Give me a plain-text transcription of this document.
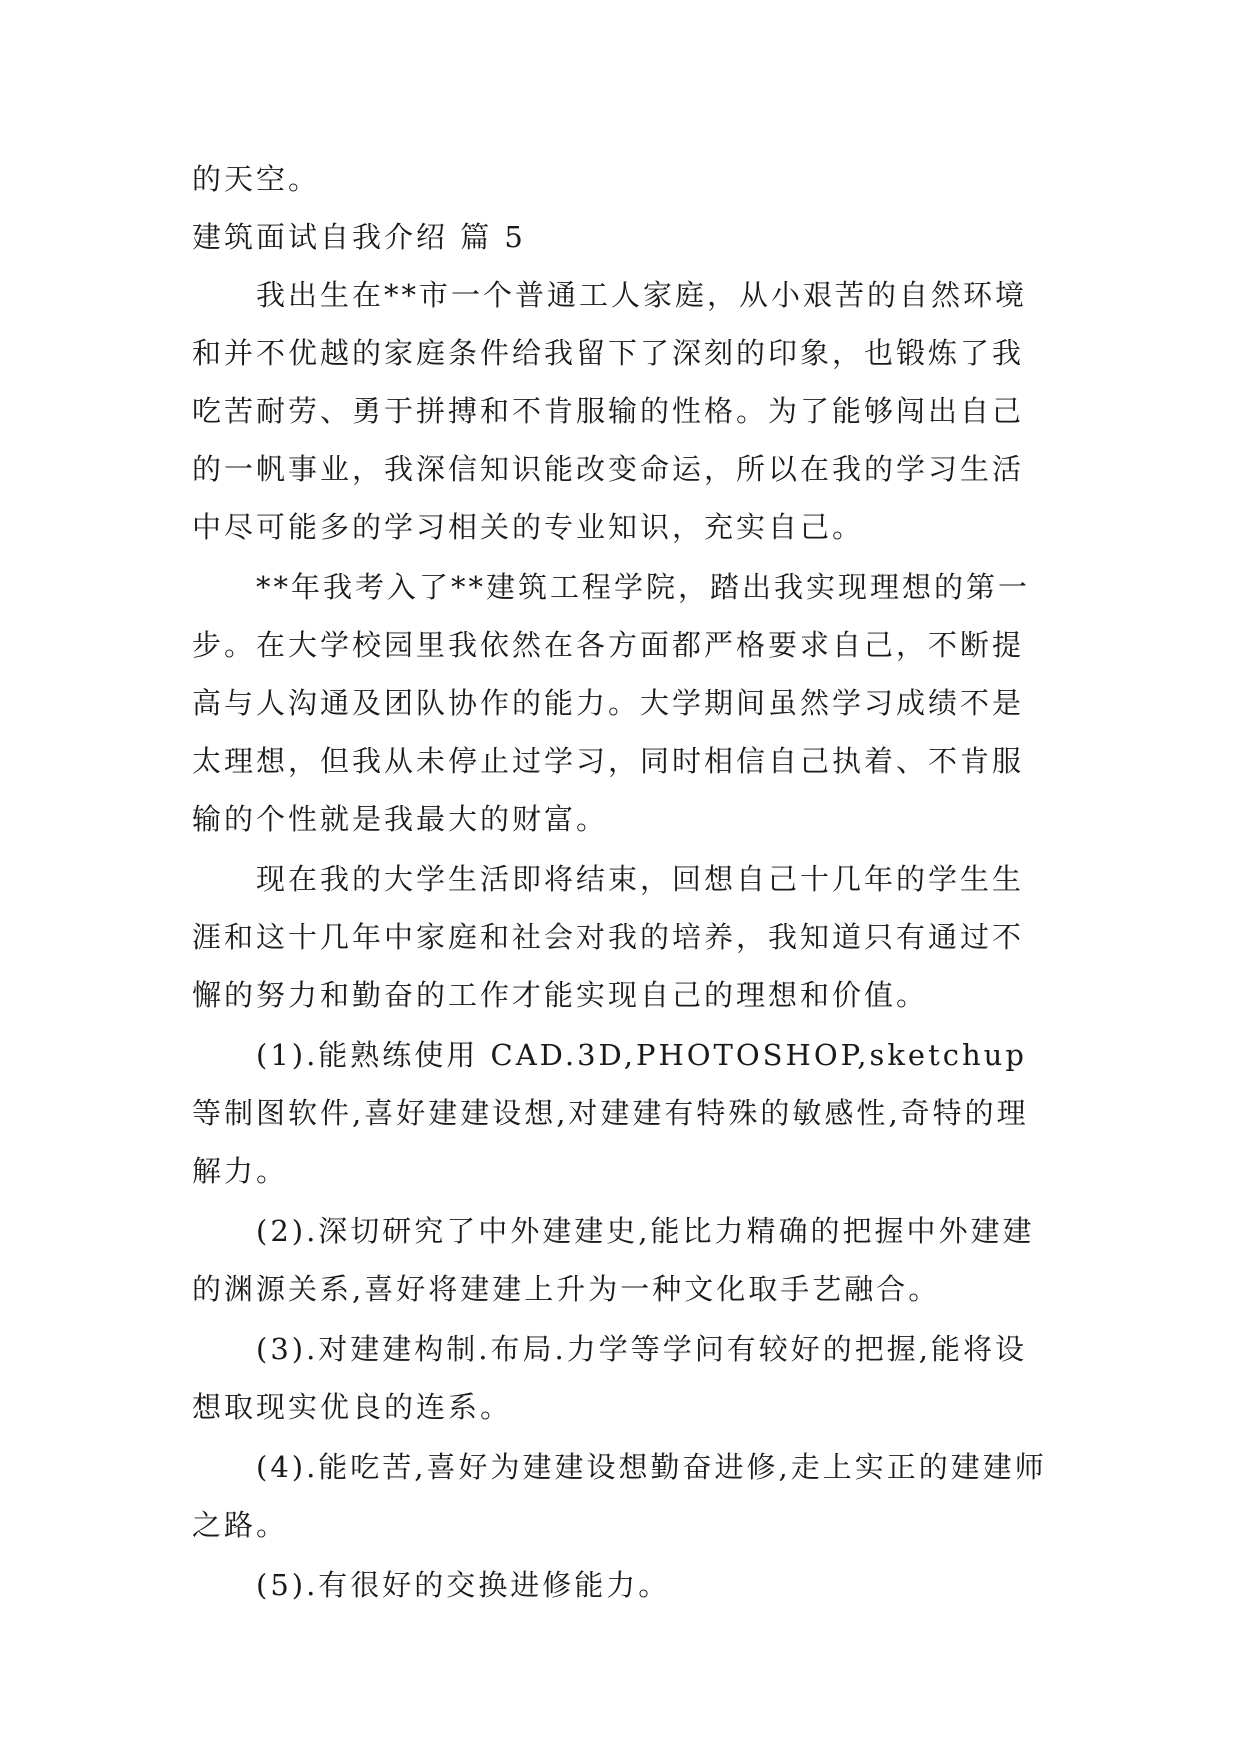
的天空。
建筑面试自我介绍 篇 5

我出生在**市一个普通工人家庭，从小艰苦的自然环境和并不优越的家庭条件给我留下了深刻的印象，也锻炼了我吃苦耐劳、勇于拼搏和不肯服输的性格。为了能够闯出自己的一帆事业，我深信知识能改变命运，所以在我的学习生活中尽可能多的学习相关的专业知识，充实自己。

**年我考入了**建筑工程学院，踏出我实现理想的第一步。在大学校园里我依然在各方面都严格要求自己，不断提高与人沟通及团队协作的能力。大学期间虽然学习成绩不是太理想，但我从未停止过学习，同时相信自己执着、不肯服输的个性就是我最大的财富。

现在我的大学生活即将结束，回想自己十几年的学生生涯和这十几年中家庭和社会对我的培养，我知道只有通过不懈的努力和勤奋的工作才能实现自己的理想和价值。

(1).能熟练使用 CAD.3D,PHOTOSHOP,sketchup 等制图软件,喜好建建设想,对建建有特殊的敏感性,奇特的理解力。

(2).深切研究了中外建建史,能比力精确的把握中外建建的渊源关系,喜好将建建上升为一种文化取手艺融合。

(3).对建建构制.布局.力学等学问有较好的把握,能将设想取现实优良的连系。

(4).能吃苦,喜好为建建设想勤奋进修,走上实正的建建师之路。

(5).有很好的交换进修能力。
